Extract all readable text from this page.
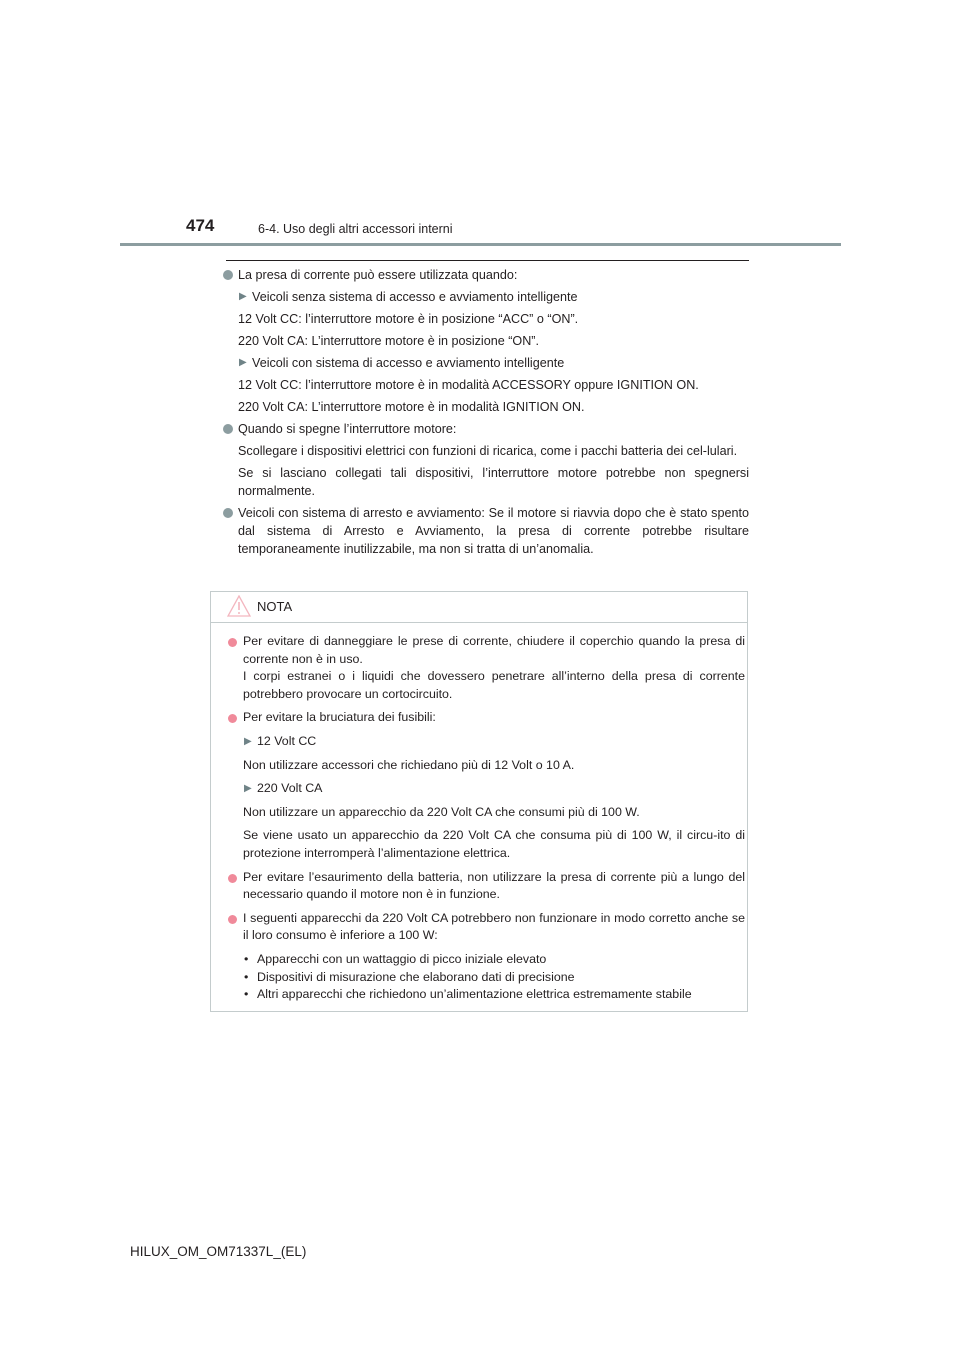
474	6-4. Uso degli altri accessori interni
La presa di corrente può essere utilizzata quando:
▶ Veicoli senza sistema di accesso e avviamento intelligente
12 Volt CC: l’interruttore motore è in posizione “ACC” o “ON”.
220 Volt CA: L’interruttore motore è in posizione “ON”.
▶ Veicoli con sistema di accesso e avviamento intelligente
12 Volt CC: l’interruttore motore è in modalità ACCESSORY oppure IGNITION ON.
220 Volt CA: L’interruttore motore è in modalità IGNITION ON.
Quando si spegne l’interruttore motore:
Scollegare i dispositivi elettrici con funzioni di ricarica, come i pacchi batteria dei cel-lulari.
Se si lasciano collegati tali dispositivi, l’interruttore motore potrebbe non spegnersi normalmente.
Veicoli con sistema di arresto e avviamento: Se il motore si riavvia dopo che è stato spento dal sistema di Arresto e Avviamento, la presa di corrente potrebbe risultare temporaneamente inutilizzabile, ma non si tratta di un’anomalia.
NOTA
Per evitare di danneggiare le prese di corrente, chiudere il coperchio quando la presa di corrente non è in uso.
I corpi estranei o i liquidi che dovessero penetrare all’interno della presa di corrente potrebbero provocare un cortocircuito.
Per evitare la bruciatura dei fusibili:
▶ 12 Volt CC
Non utilizzare accessori che richiedano più di 12 Volt o 10 A.
▶ 220 Volt CA
Non utilizzare un apparecchio da 220 Volt CA che consumi più di 100 W.
Se viene usato un apparecchio da 220 Volt CA che consuma più di 100 W, il circu-ito di protezione interromperà l’alimentazione elettrica.
Per evitare l’esaurimento della batteria, non utilizzare la presa di corrente più a lungo del necessario quando il motore non è in funzione.
I seguenti apparecchi da 220 Volt CA potrebbero non funzionare in modo corretto anche se il loro consumo è inferiore a 100 W:
• Apparecchi con un wattaggio di picco iniziale elevato
• Dispositivi di misurazione che elaborano dati di precisione
• Altri apparecchi che richiedono un’alimentazione elettrica estremamente stabile
HILUX_OM_OM71337L_(EL)
